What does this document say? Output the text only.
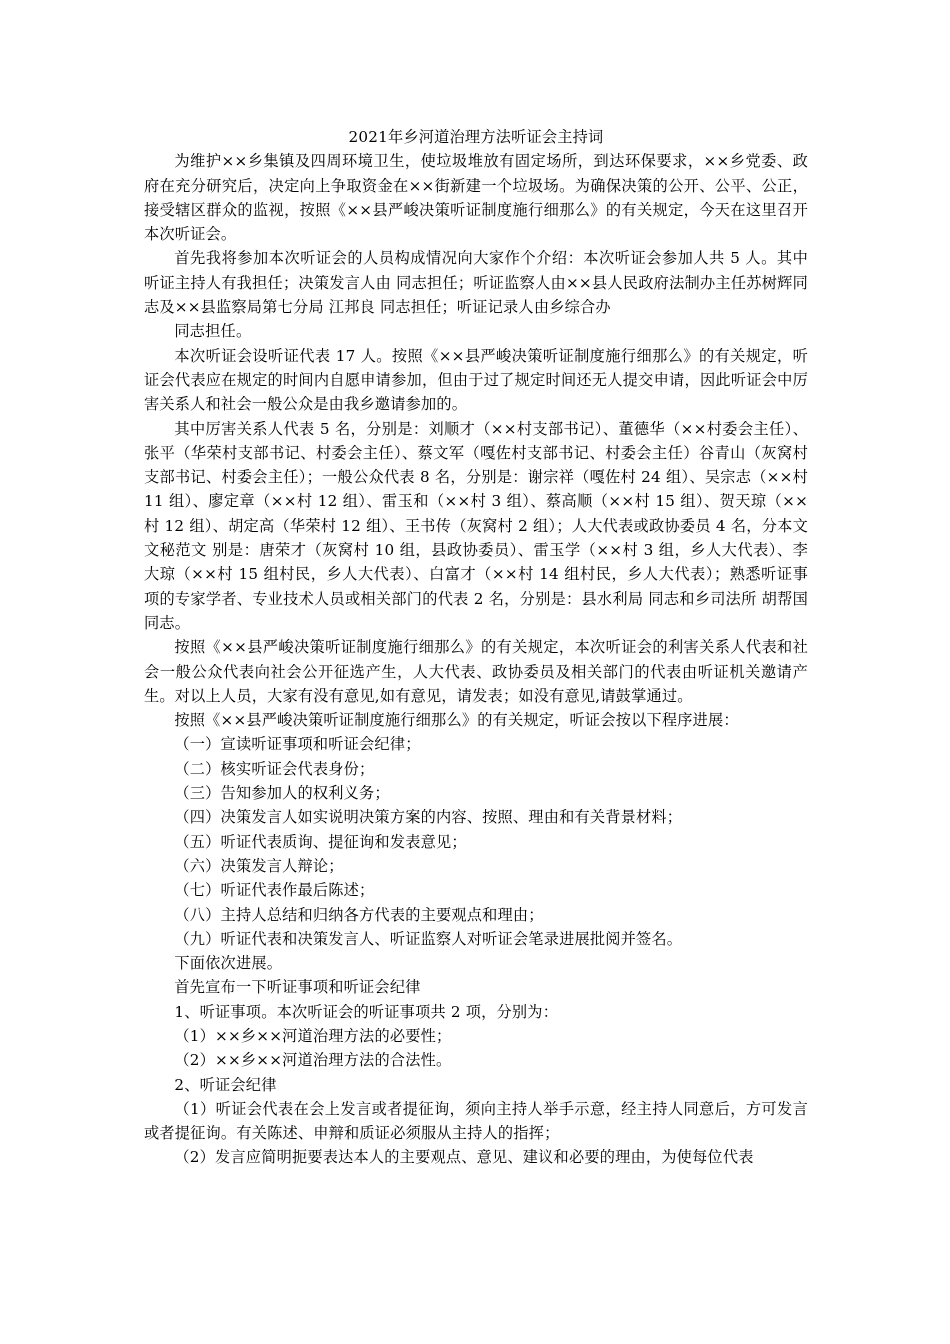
2021年乡河道治理方法听证会主持词

为维护××乡集镇及四周环境卫生，使垃圾堆放有固定场所，到达环保要求，××乡党委、政府在充分研究后，决定向上争取资金在××街新建一个垃圾场。为确保决策的公开、公平、公正，接受辖区群众的监视，按照《××县严峻决策听证制度施行细那么》的有关规定，今天在这里召开本次听证会。

首先我将参加本次听证会的人员构成情况向大家作个介绍：本次听证会参加人共 5 人。其中听证主持人有我担任；决策发言人由 同志担任；听证监察人由××县人民政府法制办主任苏树辉同志及××县监察局第七分局 江邦良 同志担任；听证记录人由乡综合办

同志担任。

本次听证会设听证代表 17 人。按照《××县严峻决策听证制度施行细那么》的有关规定，听证会代表应在规定的时间内自愿申请参加，但由于过了规定时间还无人提交申请，因此听证会中厉害关系人和社会一般公众是由我乡邀请参加的。

其中厉害关系人代表 5 名，分别是：刘顺才（××村支部书记）、董德华（××村委会主任）、张平（华荣村支部书记、村委会主任）、蔡文军（嘎佐村支部书记、村委会主任）谷青山（灰窝村支部书记、村委会主任）；一般公众代表 8 名，分别是：谢宗祥（嘎佐村 24 组）、吴宗志（××村 11 组）、廖定章（××村 12 组）、雷玉和（××村 3 组）、蔡高顺（××村 15 组）、贺天琼（××村 12 组）、胡定高（华荣村 12 组）、王书传（灰窝村 2 组）；人大代表或政协委员 4 名，分本文文秘范文 别是：唐荣才（灰窝村 10 组，县政协委员）、雷玉学（××村 3 组，乡人大代表）、李大琼（××村 15 组村民，乡人大代表）、白富才（××村 14 组村民，乡人大代表）；熟悉听证事项的专家学者、专业技术人员或相关部门的代表 2 名，分别是：县水利局 同志和乡司法所 胡帮国 同志。

按照《××县严峻决策听证制度施行细那么》的有关规定，本次听证会的利害关系人代表和社会一般公众代表向社会公开征选产生，人大代表、政协委员及相关部门的代表由听证机关邀请产生。对以上人员，大家有没有意见,如有意见，请发表；如没有意见,请鼓掌通过。

按照《××县严峻决策听证制度施行细那么》的有关规定，听证会按以下程序进展：

（一）宣读听证事项和听证会纪律；

（二）核实听证会代表身份；

（三）告知参加人的权利义务；

（四）决策发言人如实说明决策方案的内容、按照、理由和有关背景材料；

（五）听证代表质询、提征询和发表意见；

（六）决策发言人辩论；

（七）听证代表作最后陈述；

（八）主持人总结和归纳各方代表的主要观点和理由；

（九）听证代表和决策发言人、听证监察人对听证会笔录进展批阅并签名。

下面依次进展。

首先宣布一下听证事项和听证会纪律

1、听证事项。本次听证会的听证事项共 2 项，分别为：

（1）××乡××河道治理方法的必要性；

（2）××乡××河道治理方法的合法性。

2、听证会纪律

（1）听证会代表在会上发言或者提征询，须向主持人举手示意，经主持人同意后，方可发言或者提征询。有关陈述、申辩和质证必须服从主持人的指挥；

（2）发言应简明扼要表达本人的主要观点、意见、建议和必要的理由，为使每位代表
